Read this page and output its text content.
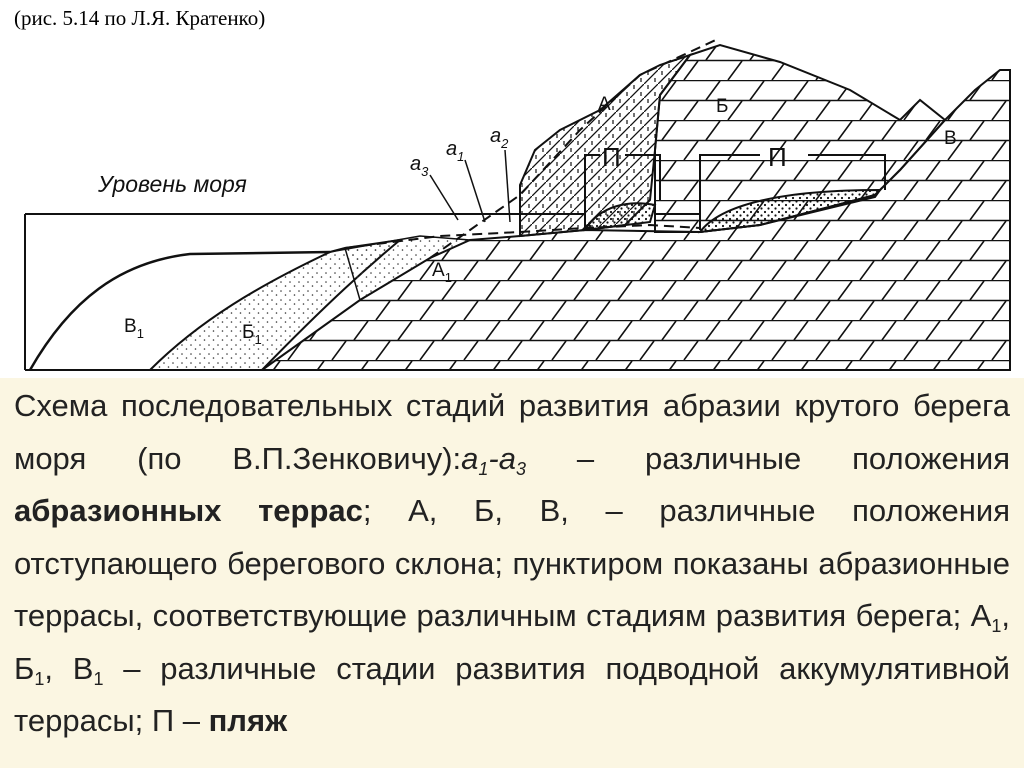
(рис. 5.14 по Л.Я. Кратенко)
Уровень моря
$a_3$
$a_1$
$a_2$
А	Б
В
П	П
$А_1$
$Б_1$
$В_1$
Схема последовательных стадий развития абразии крутого берега моря (по $В.П.Зенковичу):а_1-а_3$ – различные положения абразионных террас; А, Б, В, – различные положения отступающего берегового склона; пунктиром показаны абразионные террасы, соответствующие различным стадиям развития берега; $А_1$, $Б_1$, $В_1$ – различные стадии развития подводной аккумулятивной террасы; П – пляж
